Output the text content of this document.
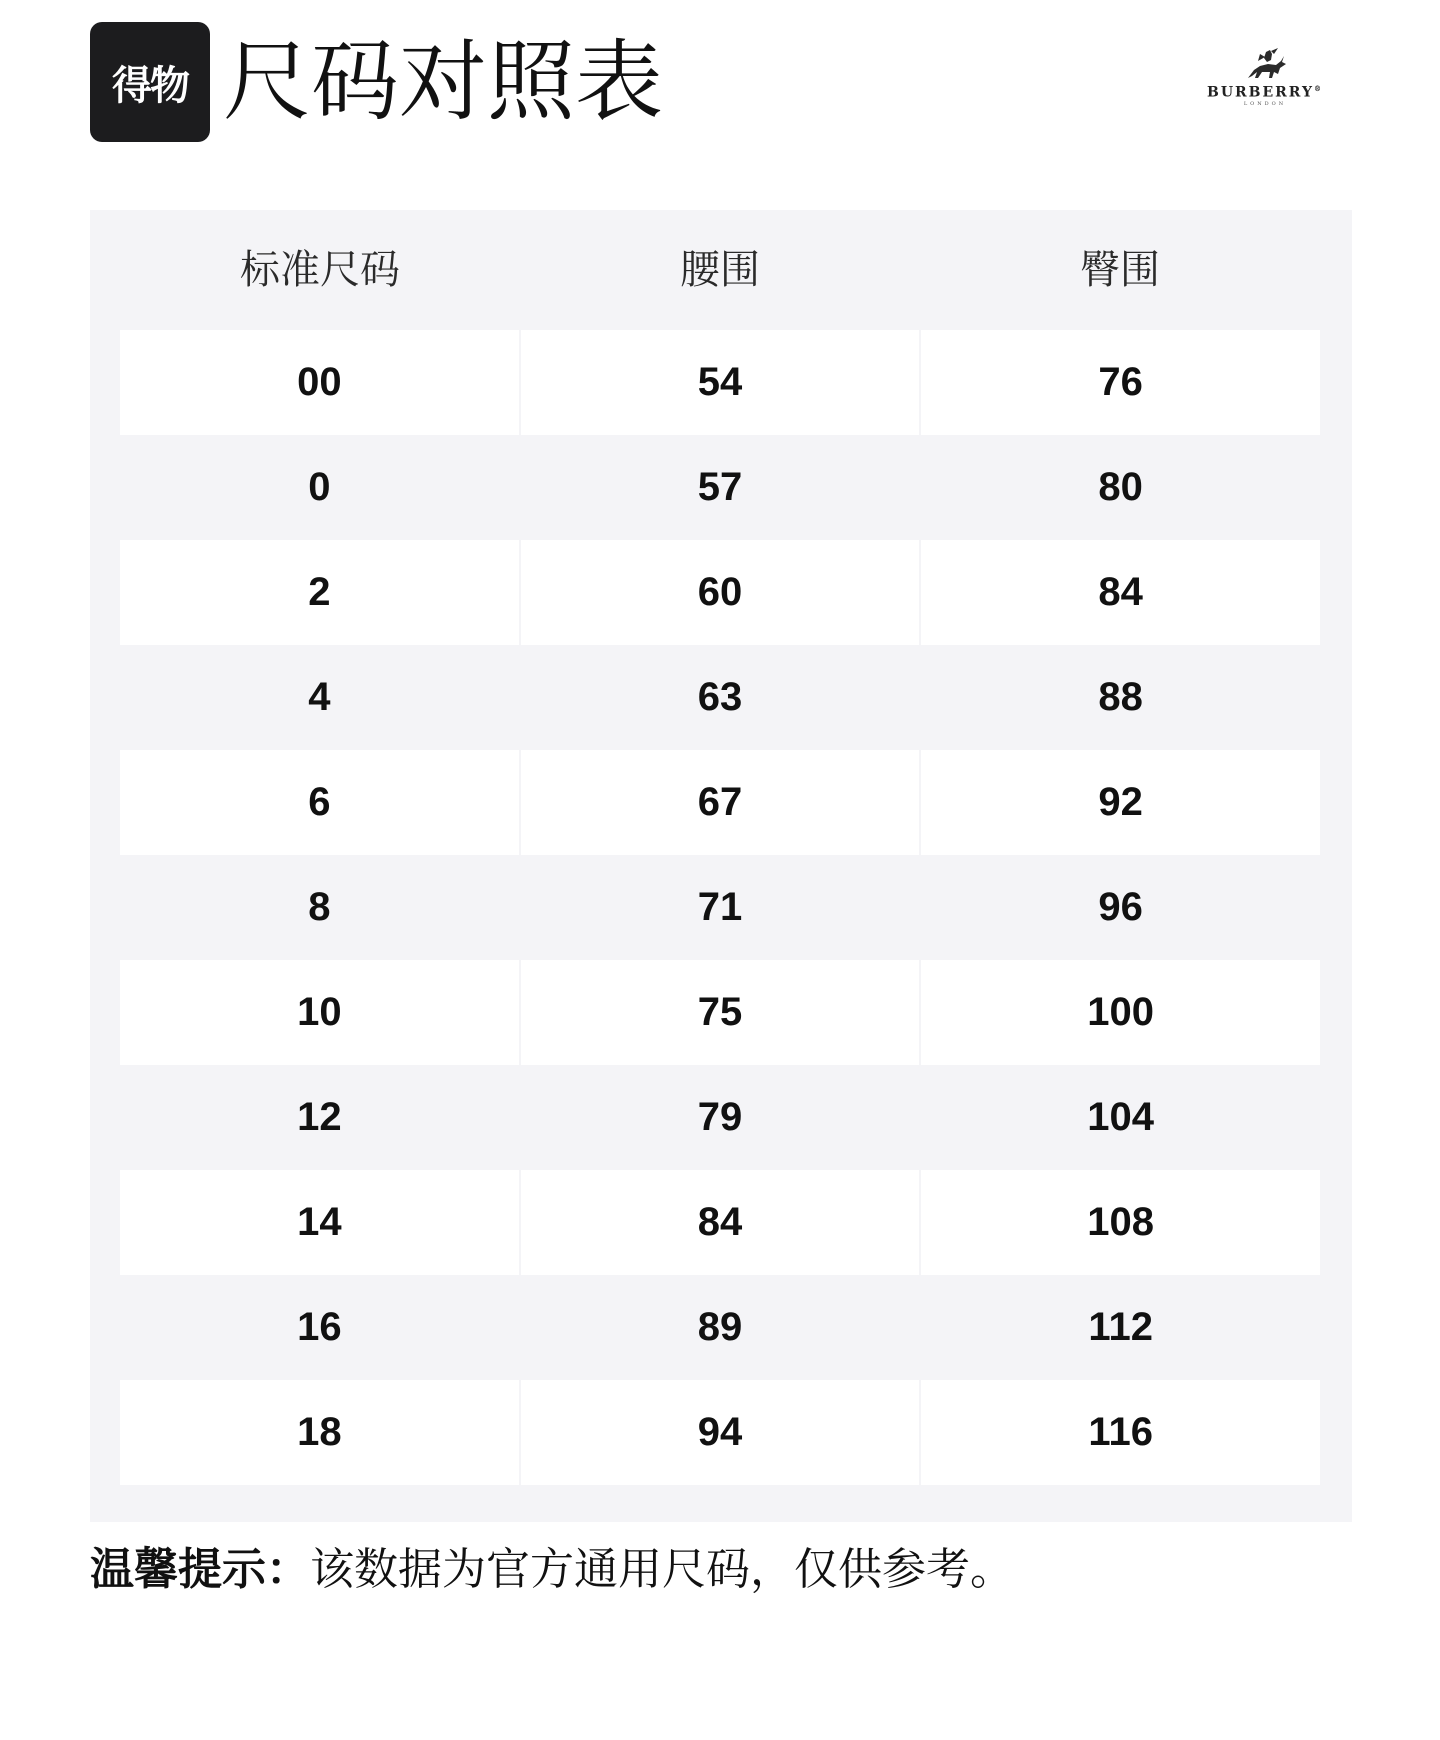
得物 尺码对照表	BURBERRY®
LONDON
标准尺码	腰围	臀围
00	54	76
0	57	80
2	60	84
4	63	88
6	67	92
8	71	96
10	75	100
12	79	104
14	84	108
16	89	112
18	94	116
温馨提示：该数据为官方通用尺码，仅供参考。
